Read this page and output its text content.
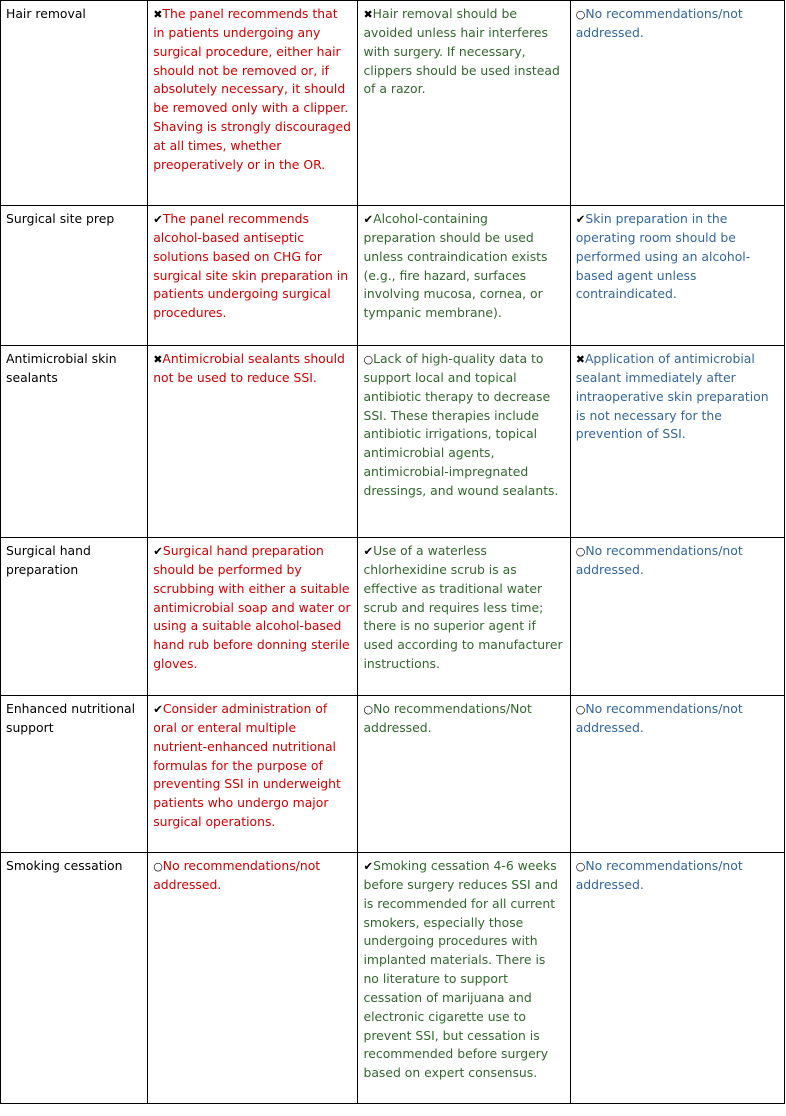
Hair removal	✖The panel recommends that in patients undergoing any surgical procedure, either hair should not be removed or, if absolutely necessary, it should be removed only with a clipper. Shaving is strongly discouraged at all times, whether preoperatively or in the OR.	✖Hair removal should be avoided unless hair interferes with surgery. If necessary, clippers should be used instead of a razor.	○No recommendations/not addressed.
Surgical site prep	✔The panel recommends alcohol-based antiseptic solutions based on CHG for surgical site skin preparation in patients undergoing surgical procedures.	✔Alcohol-containing preparation should be used unless contraindication exists (e.g., fire hazard, surfaces involving mucosa, cornea, or tympanic membrane).	✔Skin preparation in the operating room should be performed using an alcohol-based agent unless contraindicated.
Antimicrobial skin sealants	✖Antimicrobial sealants should not be used to reduce SSI.	○Lack of high-quality data to support local and topical antibiotic therapy to decrease SSI. These therapies include antibiotic irrigations, topical antimicrobial agents, antimicrobial-impregnated dressings, and wound sealants.	✖Application of antimicrobial sealant immediately after intraoperative skin preparation is not necessary for the prevention of SSI.
Surgical hand preparation	✔Surgical hand preparation should be performed by scrubbing with either a suitable antimicrobial soap and water or using a suitable alcohol-based hand rub before donning sterile gloves.	✔Use of a waterless chlorhexidine scrub is as effective as traditional water scrub and requires less time; there is no superior agent if used according to manufacturer instructions.	○No recommendations/not addressed.
Enhanced nutritional support	✔Consider administration of oral or enteral multiple nutrient-enhanced nutritional formulas for the purpose of preventing SSI in underweight patients who undergo major surgical operations.	○No recommendations/Not addressed.	○No recommendations/not addressed.
Smoking cessation	○No recommendations/not addressed.	✔Smoking cessation 4-6 weeks before surgery reduces SSI and is recommended for all current smokers, especially those undergoing procedures with implanted materials. There is no literature to support cessation of marijuana and electronic cigarette use to prevent SSI, but cessation is recommended before surgery based on expert consensus.	○No recommendations/not addressed.
